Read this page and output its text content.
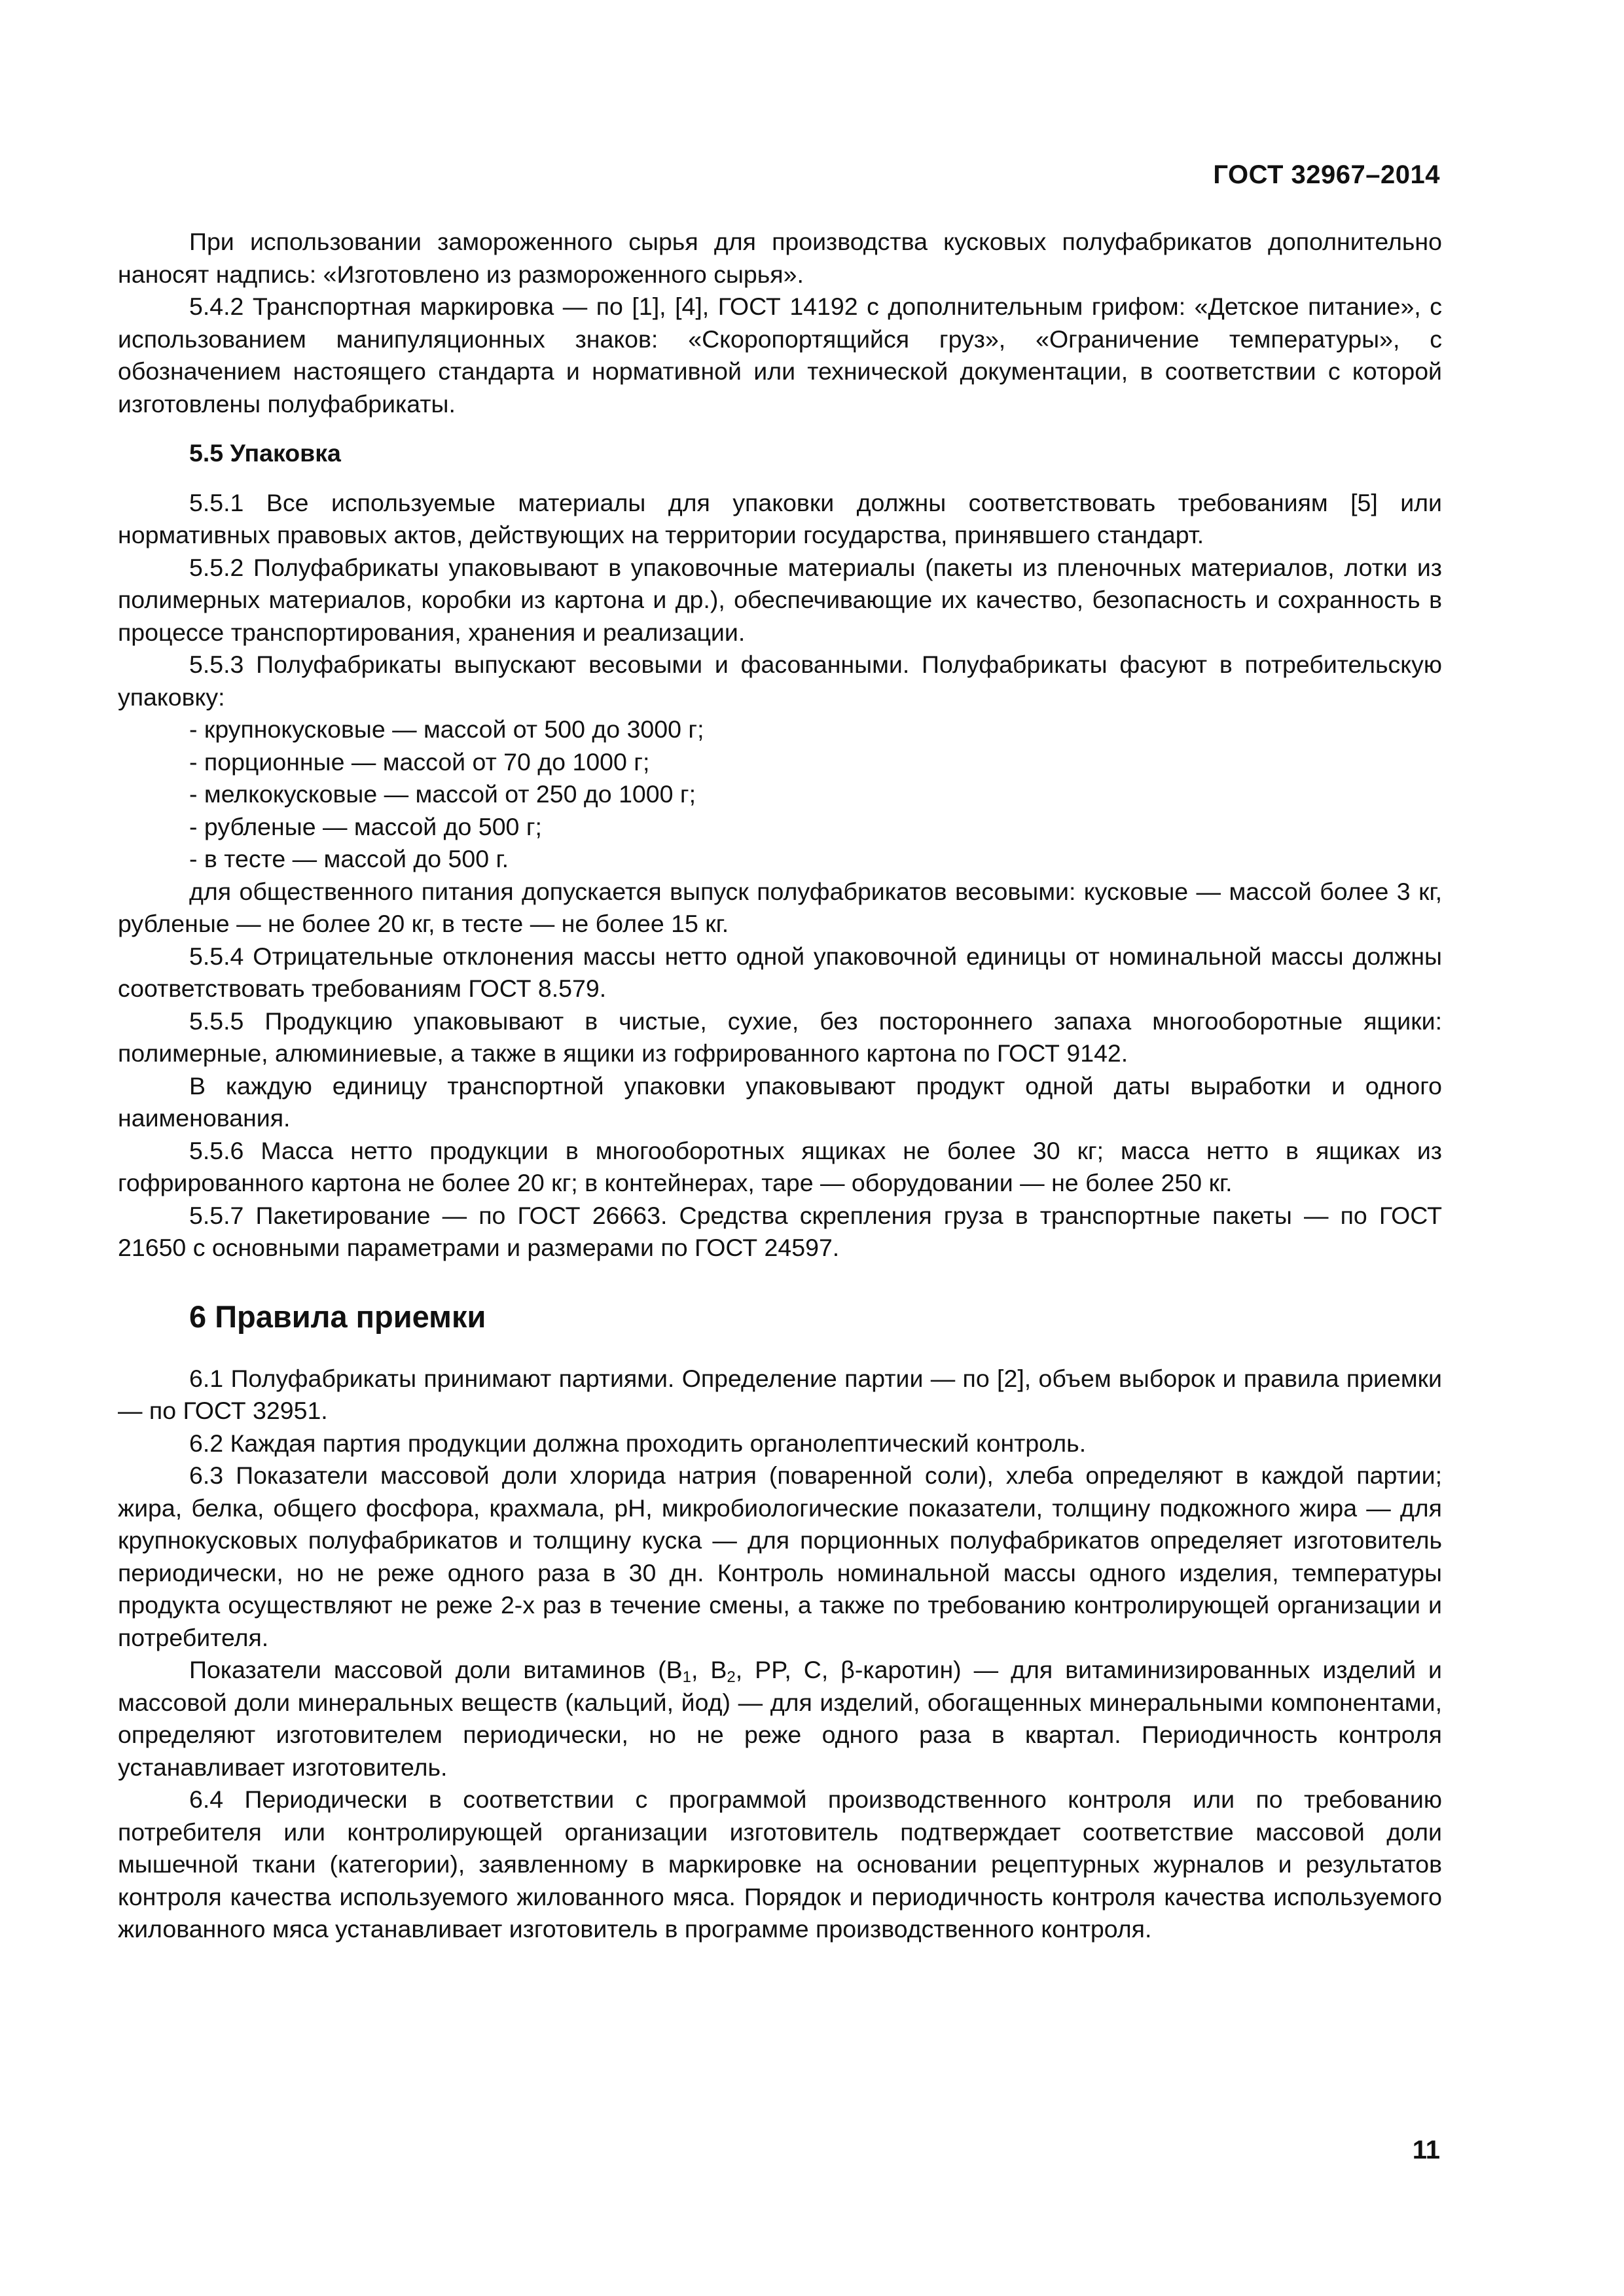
ГОСТ 32967–2014

При использовании замороженного сырья для производства кусковых полуфабрикатов дополнительно наносят надпись: «Изготовлено из размороженного сырья».

5.4.2 Транспортная маркировка — по [1], [4], ГОСТ 14192 с дополнительным грифом: «Детское питание», с использованием манипуляционных знаков: «Скоропортящийся груз», «Ограничение температуры», с обозначением настоящего стандарта и нормативной или технической документации, в соответствии с которой изготовлены полуфабрикаты.

5.5 Упаковка

5.5.1 Все используемые материалы для упаковки должны соответствовать требованиям [5] или нормативных правовых актов, действующих на территории государства, принявшего стандарт.

5.5.2 Полуфабрикаты упаковывают в упаковочные материалы (пакеты из пленочных материалов, лотки из полимерных материалов, коробки из картона и др.), обеспечивающие их качество, безопасность и сохранность в процессе транспортирования, хранения и реализации.

5.5.3 Полуфабрикаты выпускают весовыми и фасованными. Полуфабрикаты фасуют в потребительскую упаковку:

- крупнокусковые — массой от 500 до 3000 г;

- порционные — массой от 70 до 1000 г;

- мелкокусковые — массой от 250 до 1000 г;

- рубленые — массой до 500 г;

- в тесте — массой до 500 г.

для общественного питания допускается выпуск полуфабрикатов весовыми: кусковые — массой более 3 кг, рубленые — не более 20 кг, в тесте — не более 15 кг.

5.5.4 Отрицательные отклонения массы нетто одной упаковочной единицы от номинальной массы должны соответствовать требованиям ГОСТ 8.579.

5.5.5 Продукцию упаковывают в чистые, сухие, без постороннего запаха многооборотные ящики: полимерные, алюминиевые, а также в ящики из гофрированного картона по ГОСТ 9142.

В каждую единицу транспортной упаковки упаковывают продукт одной даты выработки и одного наименования.

5.5.6 Масса нетто продукции в многооборотных ящиках не более 30 кг; масса нетто в ящиках из гофрированного картона не более 20 кг; в контейнерах, таре — оборудовании — не более 250 кг.

5.5.7 Пакетирование — по ГОСТ 26663. Средства скрепления груза в транспортные пакеты — по ГОСТ 21650 с основными параметрами и размерами по ГОСТ 24597.

6 Правила приемки

6.1 Полуфабрикаты принимают партиями. Определение партии — по [2], объем выборок и правила приемки — по ГОСТ 32951.

6.2 Каждая партия продукции должна проходить органолептический контроль.

6.3 Показатели массовой доли хлорида натрия (поваренной соли), хлеба определяют в каждой партии; жира, белка, общего фосфора, крахмала, pH, микробиологические показатели, толщину подкожного жира — для крупнокусковых полуфабрикатов и толщину куска — для порционных полуфабрикатов определяет изготовитель периодически, но не реже одного раза в 30 дн. Контроль номинальной массы одного изделия, температуры продукта осуществляют не реже 2-х раз в течение смены, а также по требованию контролирующей организации и потребителя.

Показатели массовой доли витаминов ($B_1$, $B_2$, PP, C, β-каротин) — для витаминизированных изделий и массовой доли минеральных веществ (кальций, йод) — для изделий, обогащенных минеральными компонентами, определяют изготовителем периодически, но не реже одного раза в квартал. Периодичность контроля устанавливает изготовитель.

6.4 Периодически в соответствии с программой производственного контроля или по требованию потребителя или контролирующей организации изготовитель подтверждает соответствие массовой доли мышечной ткани (категории), заявленному в маркировке на основании рецептурных журналов и результатов контроля качества используемого жилованного мяса. Порядок и периодичность контроля качества используемого жилованного мяса устанавливает изготовитель в программе производственного контроля.

11
